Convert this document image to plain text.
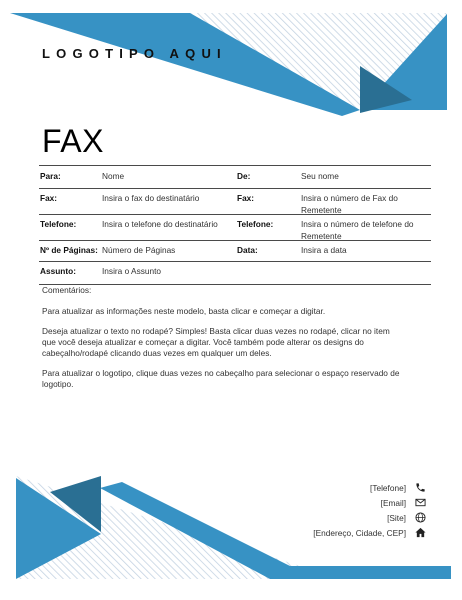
LOGOTIPO AQUI
FAX
Para:	Nome	De:	Seu nome
Fax:	Insira o fax do destinatário	Fax:	Insira o número de Fax do Remetente
Telefone:	Insira o telefone do destinatário	Telefone:	Insira o número de telefone do Remetente
Nº de Páginas: Número de Páginas	Data:	Insira a data
Assunto:	Insira o Assunto
Comentários:

Para atualizar as informações neste modelo, basta clicar e começar a digitar.

Deseja atualizar o texto no rodapé? Simples! Basta clicar duas vezes no rodapé, clicar no item que você deseja atualizar e começar a digitar. Você também pode alterar os designs do cabeçalho/rodapé clicando duas vezes em qualquer um deles.

Para atualizar o logotipo, clique duas vezes no cabeçalho para selecionar o espaço reservado de logotipo.

[Telefone]
[Email]
[Site]
[Endereço, Cidade, CEP]
